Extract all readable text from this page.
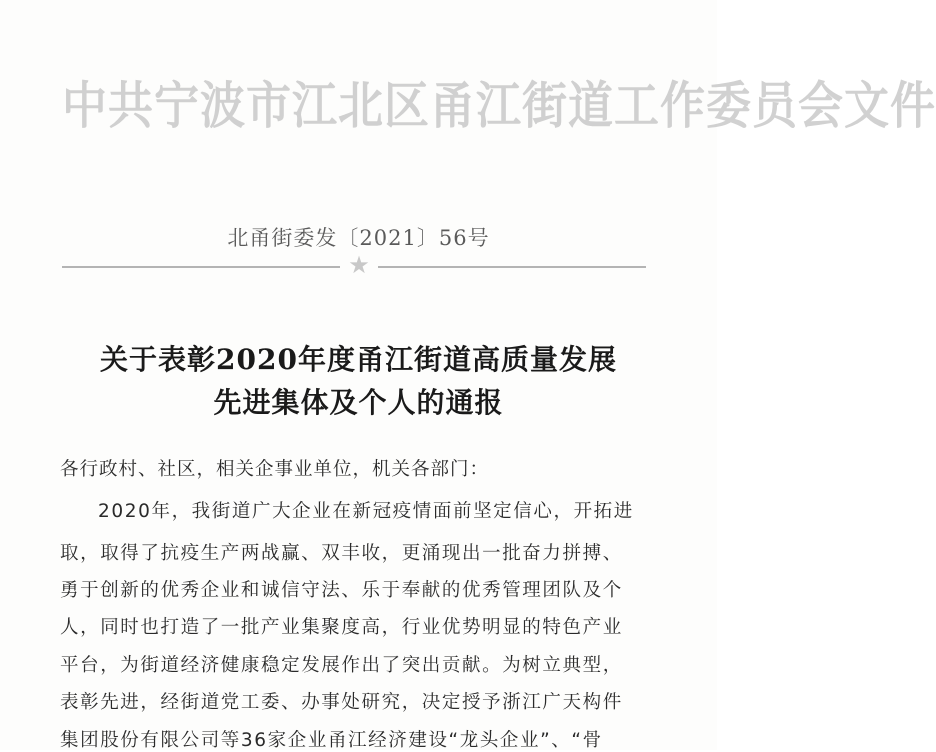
中共宁波市江北区甬江街道工作委员会文件
北甬街委发〔2021〕56号
★
关于表彰2020年度甬江街道高质量发展
先进集体及个人的通报
各行政村、社区，相关企事业单位，机关各部门：
2020年，我街道广大企业在新冠疫情面前坚定信心，开拓进
取，取得了抗疫生产两战赢、双丰收，更涌现出一批奋力拼搏、
勇于创新的优秀企业和诚信守法、乐于奉献的优秀管理团队及个
人，同时也打造了一批产业集聚度高，行业优势明显的特色产业
平台，为街道经济健康稳定发展作出了突出贡献。为树立典型，
表彰先进，经街道党工委、办事处研究，决定授予浙江广天构件
集团股份有限公司等36家企业甬江经济建设“龙头企业”、“骨
